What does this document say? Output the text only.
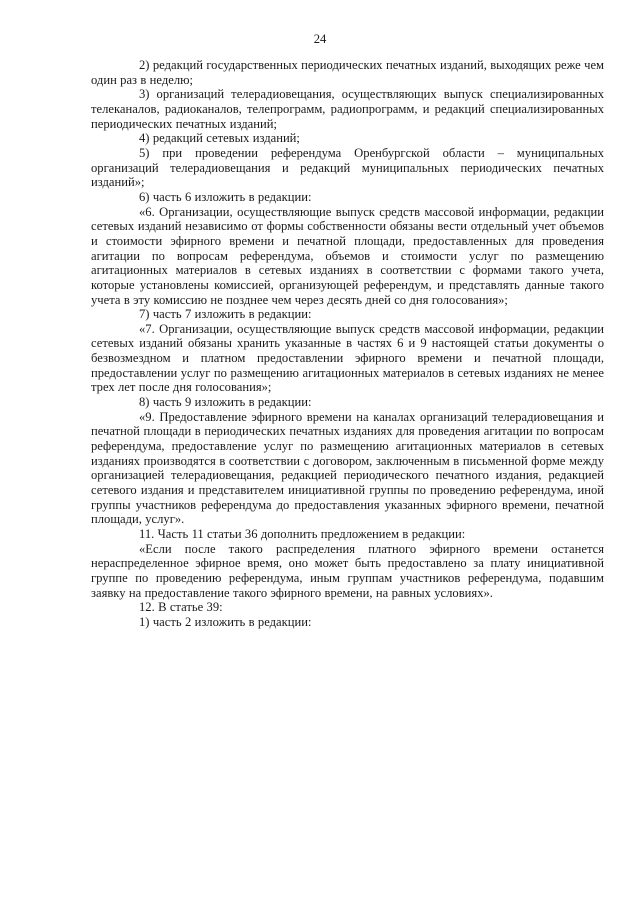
24

2) редакций государственных периодических печатных изданий, выходящих реже чем один раз в неделю;

3) организаций телерадиовещания, осуществляющих выпуск специализированных телеканалов, радиоканалов, телепрограмм, радиопрограмм, и редакций специализированных периодических печатных изданий;

4) редакций сетевых изданий;

5) при проведении референдума Оренбургской области – муниципальных организаций телерадиовещания и редакций муниципальных периодических печатных изданий»;

6) часть 6 изложить в редакции:

«6. Организации, осуществляющие выпуск средств массовой информации, редакции сетевых изданий независимо от формы собственности обязаны вести отдельный учет объемов и стоимости эфирного времени и печатной площади, предоставленных для проведения агитации по вопросам референдума, объемов и стоимости услуг по размещению агитационных материалов в сетевых изданиях в соответствии с формами такого учета, которые установлены комиссией, организующей референдум, и представлять данные такого учета в эту комиссию не позднее чем через десять дней со дня голосования»;

7) часть 7 изложить в редакции:

«7. Организации, осуществляющие выпуск средств массовой информации, редакции сетевых изданий обязаны хранить указанные в частях 6 и 9 настоящей статьи документы о безвозмездном и платном предоставлении эфирного времени и печатной площади, предоставлении услуг по размещению агитационных материалов в сетевых изданиях не менее трех лет после дня голосования»;

8) часть 9 изложить в редакции:

«9. Предоставление эфирного времени на каналах организаций телерадиовещания и печатной площади в периодических печатных изданиях для проведения агитации по вопросам референдума, предоставление услуг по размещению агитационных материалов в сетевых изданиях производятся в соответствии с договором, заключенным в письменной форме между организацией телерадиовещания, редакцией периодического печатного издания, редакцией сетевого издания и представителем инициативной группы по проведению референдума, иной группы участников референдума до предоставления указанных эфирного времени, печатной площади, услуг».

11. Часть 11 статьи 36 дополнить предложением в редакции:

«Если после такого распределения платного эфирного времени останется нераспределенное эфирное время, оно может быть предоставлено за плату инициативной группе по проведению референдума, иным группам участников референдума, подавшим заявку на предоставление такого эфирного времени, на равных условиях».

12. В статье 39:

1) часть 2 изложить в редакции:
